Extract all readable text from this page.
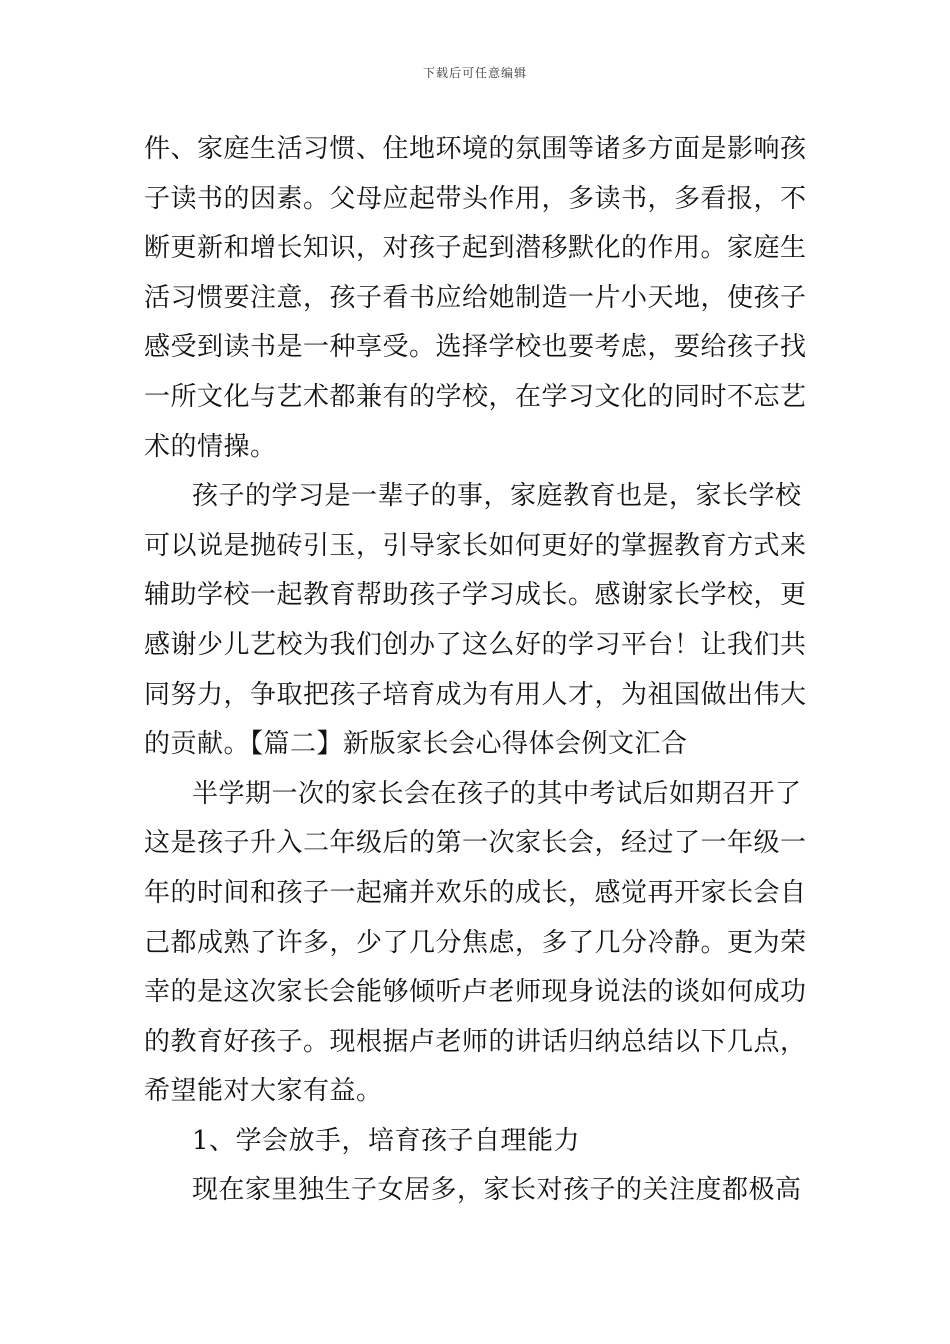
下载后可任意编辑
件、家庭生活习惯、住地环境的氛围等诸多方面是影响孩
子读书的因素。父母应起带头作用，多读书，多看报，不
断更新和增长知识，对孩子起到潜移默化的作用。家庭生
活习惯要注意，孩子看书应给她制造一片小天地，使孩子
感受到读书是一种享受。选择学校也要考虑，要给孩子找
一所文化与艺术都兼有的学校，在学习文化的同时不忘艺
术的情操。
孩子的学习是一辈子的事，家庭教育也是，家长学校
可以说是抛砖引玉，引导家长如何更好的掌握教育方式来
辅助学校一起教育帮助孩子学习成长。感谢家长学校，更
感谢少儿艺校为我们创办了这么好的学习平台！让我们共
同努力，争取把孩子培育成为有用人才，为祖国做出伟大
的贡献。【篇二】新版家长会心得体会例文汇合
半学期一次的家长会在孩子的其中考试后如期召开了
这是孩子升入二年级后的第一次家长会，经过了一年级一
年的时间和孩子一起痛并欢乐的成长，感觉再开家长会自
己都成熟了许多，少了几分焦虑，多了几分冷静。更为荣
幸的是这次家长会能够倾听卢老师现身说法的谈如何成功
的教育好孩子。现根据卢老师的讲话归纳总结以下几点，
希望能对大家有益。
1、学会放手，培育孩子自理能力
现在家里独生子女居多，家长对孩子的关注度都极高
